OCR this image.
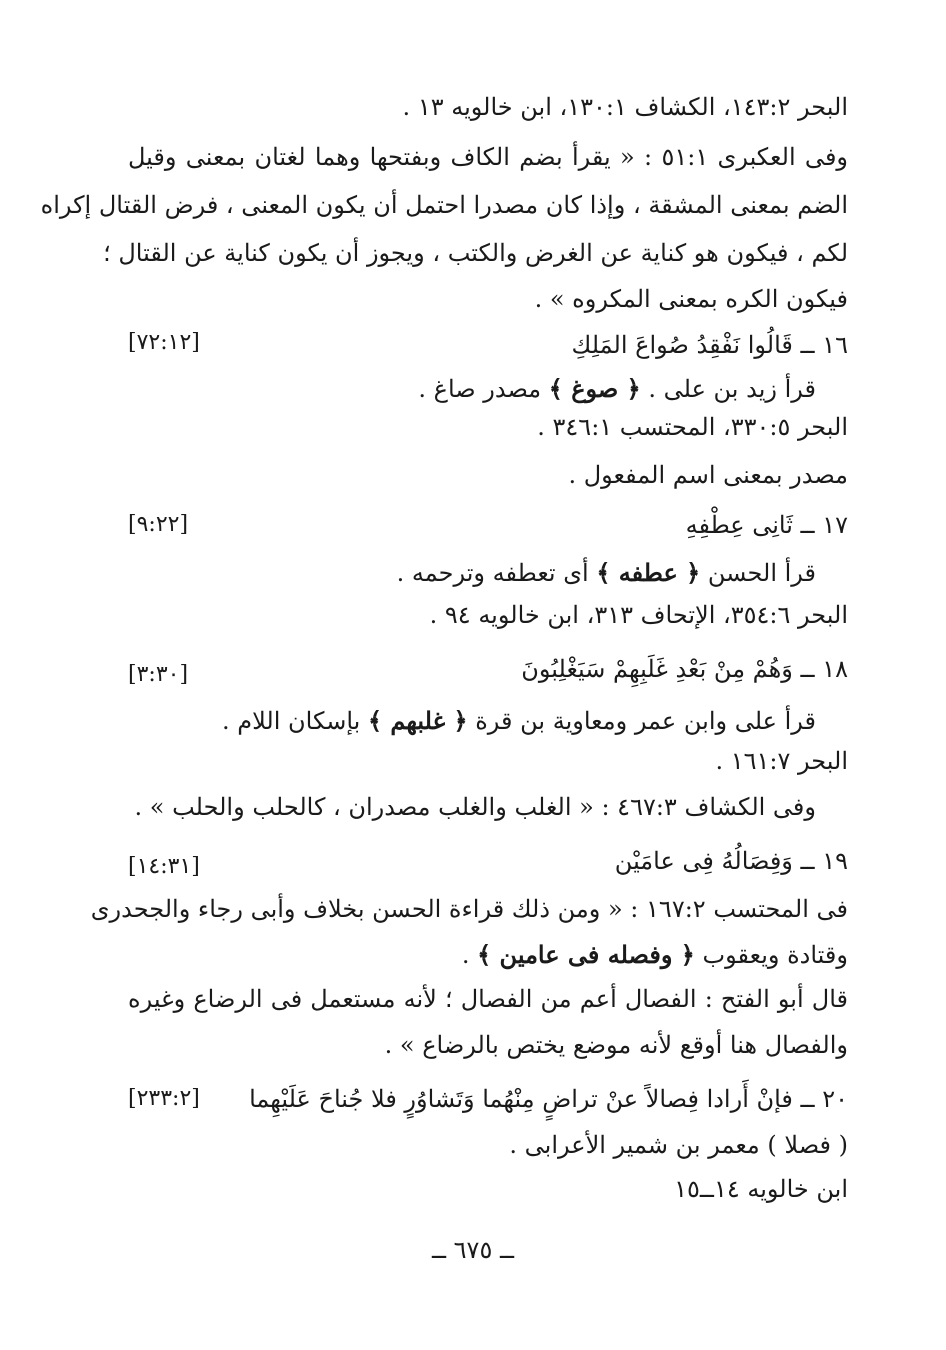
البحر ١٤٣:٢، الكشاف ١٣٠:١، ابن خالويه ١٣ .
وفى العكبرى ٥١:١ : « يقرأ بضم الكاف وبفتحها وهما لغتان بمعنى وقيل
الضم بمعنى المشقة ، وإذا كان مصدرا احتمل أن يكون المعنى ، فرض القتال إكراه
لكم ، فيكون هو كناية عن الغرض والكتب ، ويجوز أن يكون كناية عن القتال ؛
فيكون الكره بمعنى المكروه » .
١٦ ــ قَالُوا نَفْقِدُ صُواعَ المَلِكِ
[٧٢:١٢]
قرأ زيد بن على . ﴿ صوغ ﴾ مصدر صاغ .
البحر ٣٣٠:٥، المحتسب ٣٤٦:١ .
مصدر بمعنى اسم المفعول .
١٧ ــ ثَانِى عِطْفِهِ
[٩:٢٢]
قرأ الحسن ﴿ عطفه ﴾ أى تعطفه وترحمه .
البحر ٣٥٤:٦، الإتحاف ٣١٣، ابن خالويه ٩٤ .
١٨ ــ وَهُمْ مِنْ بَعْدِ غَلَبِهِمْ سَيَغْلِبُونَ
[٣:٣٠]
قرأ على وابن عمر ومعاوية بن قرة ﴿ غلبهم ﴾ بإسكان اللام .
البحر ١٦١:٧ .
وفى الكشاف ٤٦٧:٣ : « الغلب والغلب مصدران ، كالحلب والحلب » .
١٩ ــ وَفِصَالُهُ فِى عامَيْن
[١٤:٣١]
فى المحتسب ١٦٧:٢ : « ومن ذلك قراءة الحسن بخلاف وأبى رجاء والجحدرى
وقتادة ويعقوب ﴿ وفصله فى عامين ﴾ .
قال أبو الفتح : الفصال أعم من الفصال ؛ لأنه مستعمل فى الرضاع وغيره
والفصال هنا أوقع لأنه موضع يختص بالرضاع » .
٢٠ ــ فإنْ أَرادا فِصالاً عنْ تراضٍ مِنْهُما وَتَشاوُرٍ فلا جُناحَ عَلَيْهِما
[٢٣٣:٢]
( فصلا ) معمر بن شمير الأعرابى .
ابن خالويه ١٤ــ١٥
ــ ٦٧٥ ــ
